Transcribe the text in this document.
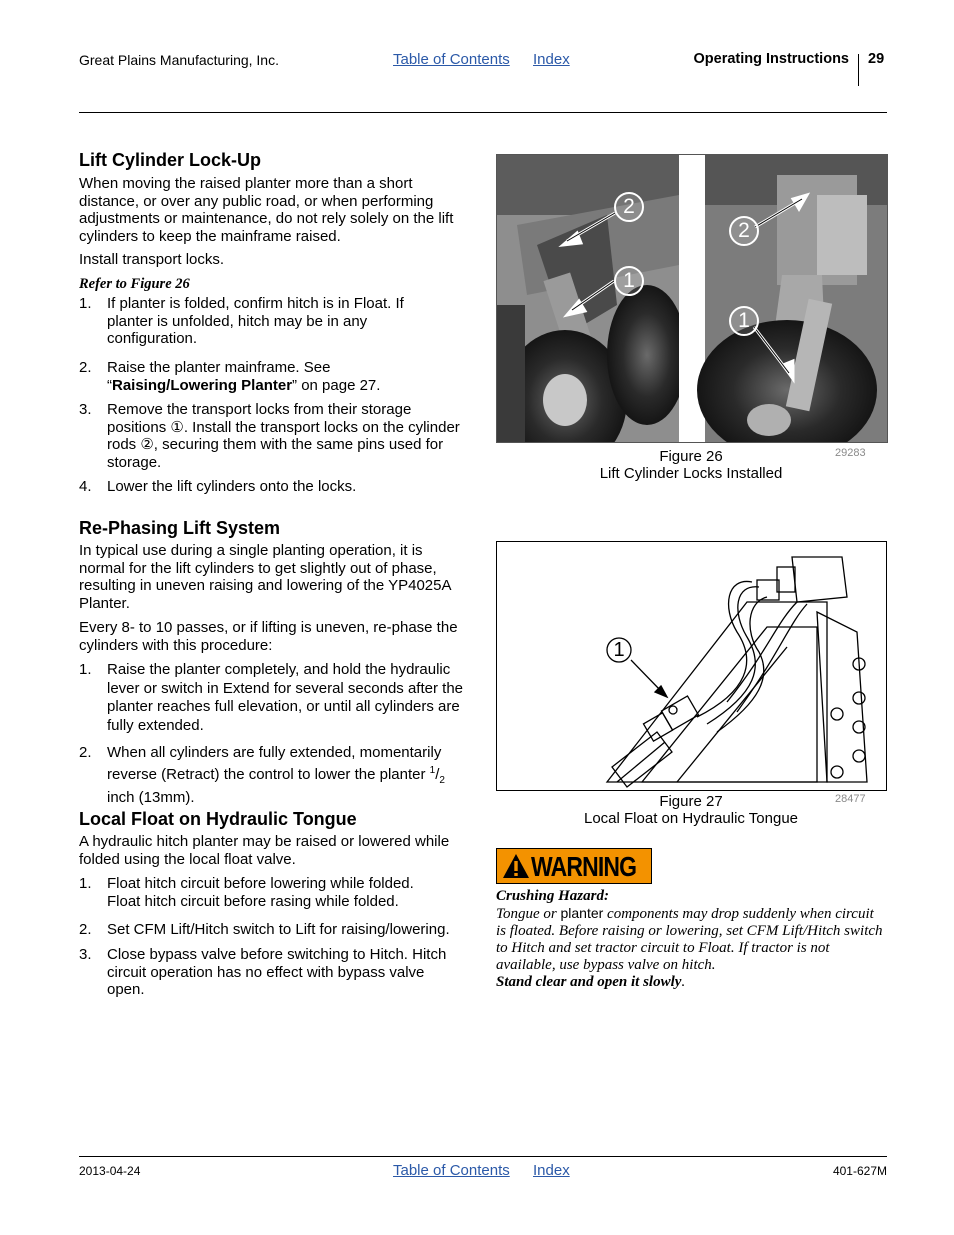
Great Plains Manufacturing, Inc.	Table of Contents Index	Operating Instructions 29
Lift Cylinder Lock-Up
When moving the raised planter more than a short distance, or over any public road, or when performing adjustments or maintenance, do not rely solely on the lift cylinders to keep the mainframe raised.
Install transport locks.
Refer to Figure 26
1. If planter is folded, confirm hitch is in Float. If planter is unfolded, hitch may be in any configuration.
2. Raise the planter mainframe. See “Raising/Lowering Planter” on page 27.
3. Remove the transport locks from their storage positions ①. Install the transport locks on the cylinder rods ②, securing them with the same pins used for storage.
4. Lower the lift cylinders onto the locks.
Re-Phasing Lift System
In typical use during a single planting operation, it is normal for the lift cylinders to get slightly out of phase, resulting in uneven raising and lowering of the YP4025A Planter.
Every 8- to 10 passes, or if lifting is uneven, re-phase the cylinders with this procedure:
1. Raise the planter completely, and hold the hydraulic lever or switch in Extend for several seconds after the planter reaches full elevation, or until all cylinders are fully extended.
2. When all cylinders are fully extended, momentarily reverse (Retract) the control to lower the planter $^1/_2$ inch (13mm).
Local Float on Hydraulic Tongue
A hydraulic hitch planter may be raised or lowered while folded using the local float valve.
1. Float hitch circuit before lowering while folded. Float hitch circuit before rasing while folded.
2. Set CFM Lift/Hitch switch to Lift for raising/lowering.
3. Close bypass valve before switching to Hitch. Hitch circuit operation has no effect with bypass valve open.
2
1
2
1
Figure 26
Lift Cylinder Locks Installed
29283
1
Figure 27
Local Float on Hydraulic Tongue
28477
WARNING
Crushing Hazard:
Tongue or planter components may drop suddenly when circuit is floated. Before raising or lowering, set CFM Lift/Hitch switch to Hitch and set tractor circuit to Float. If tractor is not available, use bypass valve on hitch.
Stand clear and open it slowly.
2013-04-24	Table of Contents Index	401-627M
